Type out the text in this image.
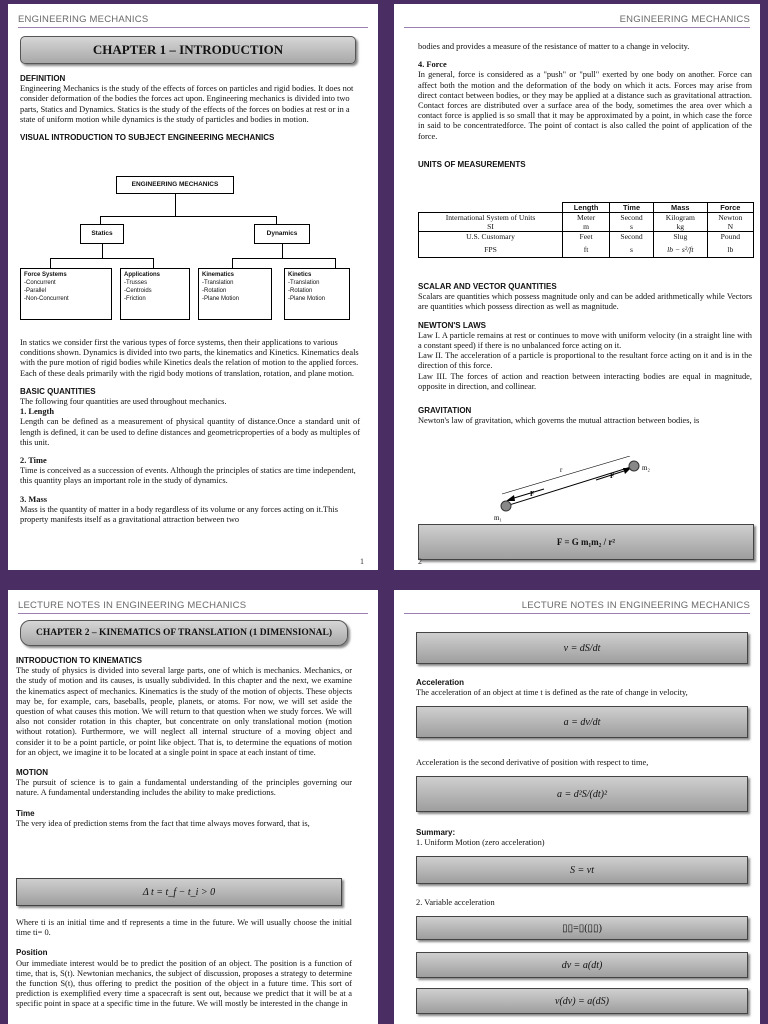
ENGINEERING MECHANICS
CHAPTER 1 – INTRODUCTION

DEFINITION

Engineering Mechanics is the study of the effects of forces on particles and rigid bodies. It does not consider deformation of the bodies the forces act upon. Engineering mechanics is divided into two parts, Statics and Dynamics. Statics is the study of the effects of the forces on bodies at rest or in a state of uniform motion while dynamics is the study of particles and bodies in motion.

VISUAL INTRODUCTION TO SUBJECT ENGINEERING MECHANICS

ENGINEERING MECHANICS
Statics	Dynamics
Force Systems
-Concurrent
-Parallel
-Non-Concurrent
Applications
-Trusses
-Centroids
-Friction
Kinematics
-Translation
-Rotation
-Plane Motion
Kinetics
-Translation
-Rotation
-Plane Motion

In statics we consider first the various types of force systems, then their applications to various conditions shown. Dynamics is divided into two parts, the kinematics and Kinetics. Kinematics deals with the pure motion of rigid bodies while Kinetics deals the relation of motion to the applied forces. Each of these deals primarily with the rigid body motions of translation, rotation, and plane motion.

BASIC QUANTITIES

The following four quantities are used throughout mechanics.

1. Length

Length can be defined as a measurement of physical quantity of distance.Once a standard unit of length is defined, it can be used to define distances and geometricproperties of a body as multiples of this unit.

2. Time

Time is conceived as a succession of events. Although the principles of statics are time independent, this quantity plays an important role in the study of dynamics.

3. Mass

Mass is the quantity of matter in a body regardless of its volume or any forces acting on it.This property manifests itself as a gravitational attraction between two

1
ENGINEERING MECHANICS

bodies and provides a measure of the resistance of matter to a change in velocity.

4. Force

In general, force is considered as a "push" or "pull" exerted by one body on another. Force can affect both the motion and the deformation of the body on which it acts. Forces may arise from direct contact between bodies, or they may be applied at a distance such as gravitational attraction. Contact forces are distributed over a surface area of the body, sometimes the area over which a contact force is applied is so small that it may be approximated by a point, in which case the force in said to be concentratedforce. The point of contact is also called the point of application of the force.

UNITS OF MEASUREMENTS

	Length	Time	Mass	Force
International System of Units	Meter	Second	Kilogram	Newton
SI	m	s	kg	N
U.S. Customary	Feet	Second	Slug	Pound
FPS	ft	s	lb − s²/ft	lb

SCALAR AND VECTOR QUANTITIES

Scalars are quantities which possess magnitude only and can be added arithmetically while Vectors are quantities which possess direction as well as magnitude.

NEWTON'S LAWS

Law I. A particle remains at rest or continues to move with uniform velocity (in a straight line with a constant speed) if there is no unbalanced force acting on it.

Law II. The acceleration of a particle is proportional to the resultant force acting on it and is in the direction of this force.

Law III. The forces of action and reaction between interacting bodies are equal in magnitude, opposite in direction, and collinear.

GRAVITATION

Newton's law of gravitation, which governs the mutual attraction between bodies, is

r
F
F
m₁
m₂
F = G m₁m₂ / r²
2
LECTURE NOTES IN ENGINEERING MECHANICS
CHAPTER 2 – KINEMATICS OF TRANSLATION (1 DIMENSIONAL)

INTRODUCTION TO KINEMATICS

The study of physics is divided into several large parts, one of which is mechanics. Mechanics, or the study of motion and its causes, is usually subdivided. In this chapter and the next, we examine the kinematics aspect of mechanics. Kinematics is the study of the motion of objects. These objects may be, for example, cars, baseballs, people, planets, or atoms. For now, we will set aside the question of what causes this motion. We will return to that question when we study forces. We will also not consider rotation in this chapter, but concentrate on only translational motion (motion without rotation). Furthermore, we will neglect all internal structure of a moving object and consider it to be a point particle, or point like object. That is, to determine the equations of motion for an object, we imagine it to be located at a single point in space at each instant of time.

MOTION

The pursuit of science is to gain a fundamental understanding of the principles governing our nature. A fundamental understanding includes the ability to make predictions.

Time

The very idea of prediction stems from the fact that time always moves forward, that is,

Δ t = t_f − t_i > 0

Where ti is an initial time and tf represents a time in the future. We will usually choose the initial time ti= 0.

Position

Our immediate interest would be to predict the position of an object. The position is a function of time, that is, S(t). Newtonian mechanics, the subject of discussion, proposes a strategy to determine the function S(t), thus offering to predict the position of the object in a future time. This sort of prediction is exemplified every time a spacecraft is sent out, because we predict that it will be at a specific point in space at a specific time in the future. We will mostly be interested in the change in

LECTURE NOTES IN ENGINEERING MECHANICS
v = dS/dt

Acceleration

The acceleration of an object at time t is defined as the rate of change in velocity,

a = dv/dt

Acceleration is the second derivative of position with respect to time,

a = d²S/(dt)²

Summary:

1. Uniform Motion (zero acceleration)

S = vt

2. Variable acceleration

▯▯=▯(▯▯)
dv = a(dt)
v(dv) = a(dS)
